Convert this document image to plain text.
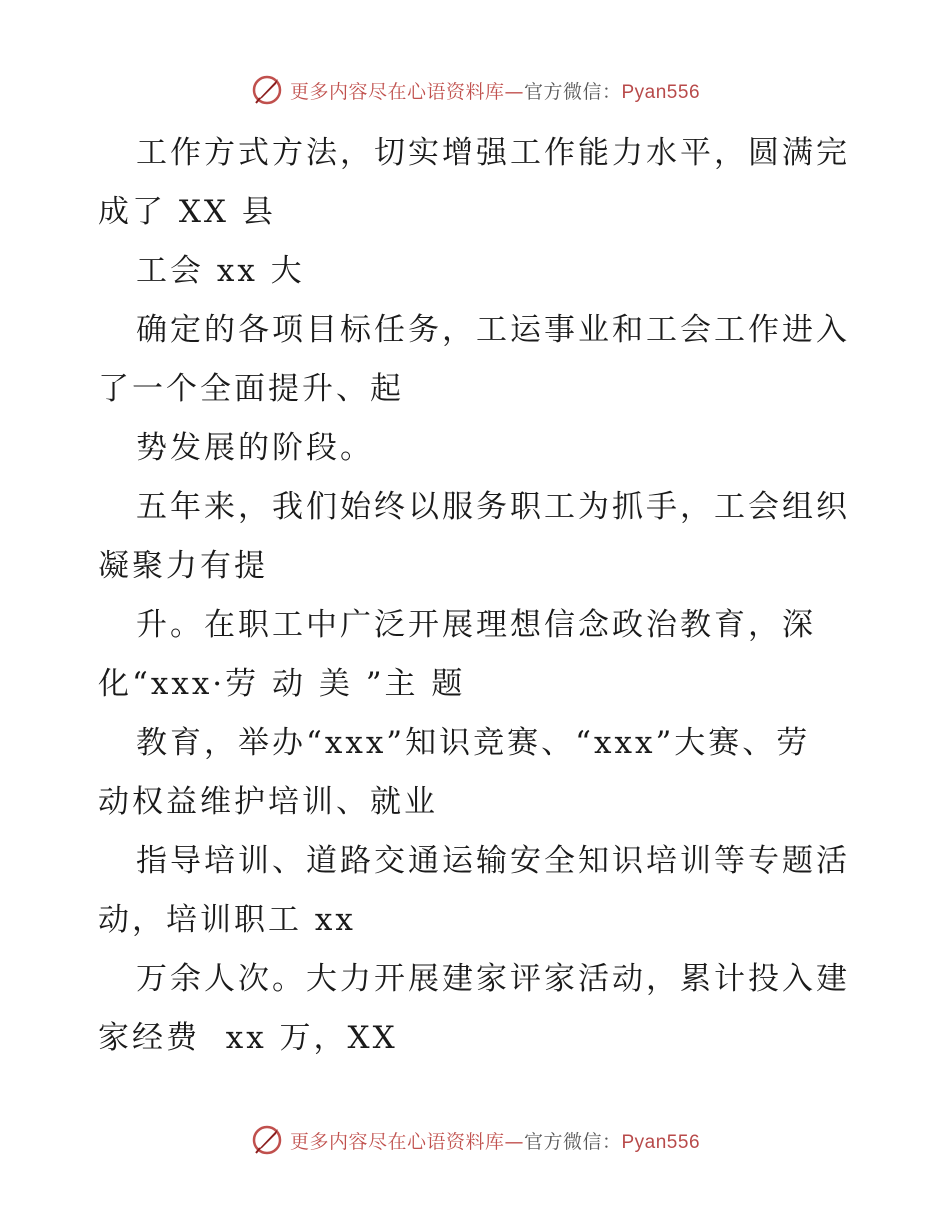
更多内容尽在心语资料库—官方微信：Pyan556
工作方式方法，切实增强工作能力水平，圆满完
成了 XX 县
工会 xx 大
确定的各项目标任务，工运事业和工会工作进入
了一个全面提升、起
势发展的阶段。
五年来，我们始终以服务职工为抓手，工会组织
凝聚力有提
升。在职工中广泛开展理想信念政治教育，深
化“xxx·劳 动 美 ”主 题
教育，举办“xxx”知识竞赛、“xxx”大赛、劳
动权益维护培训、就业
指导培训、道路交通运输安全知识培训等专题活
动，培训职工 xx
万余人次。大力开展建家评家活动，累计投入建
家经费  xx 万，XX
更多内容尽在心语资料库—官方微信：Pyan556
